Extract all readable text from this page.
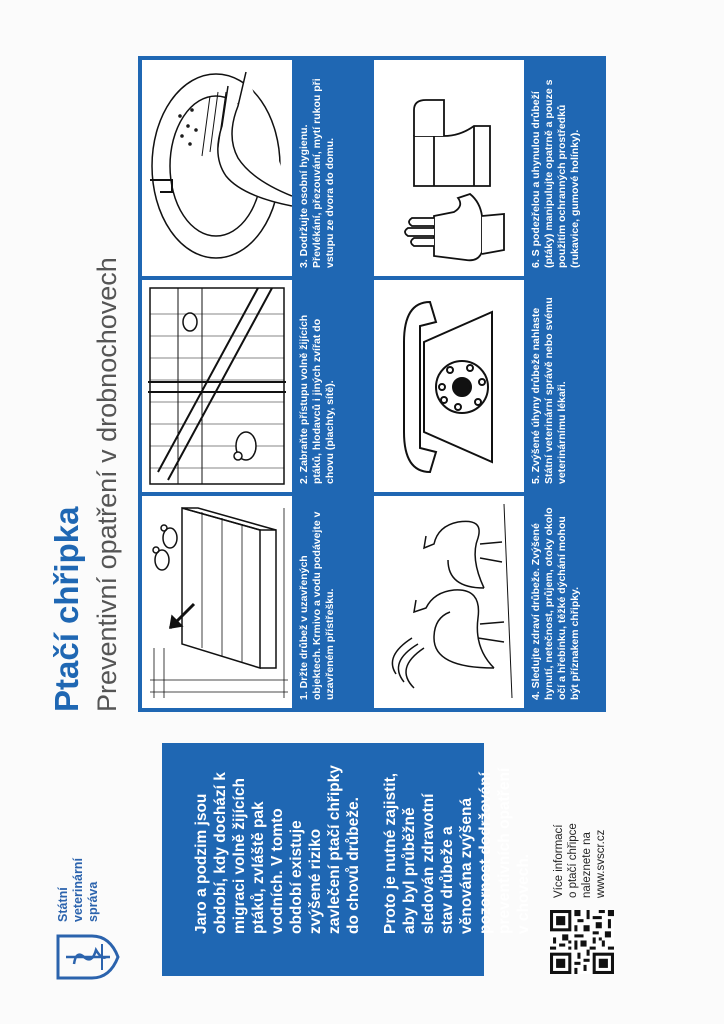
Státní veterinární správa	Jaro a podzim jsou období, kdy dochází k migraci volně žijících ptáků, zvláště pak vodních. V tomto období existuje zvýšené riziko zavlečení ptačí chřipky do chovů drůbeže. Proto je nutné zajistit, aby byl průběžně sledován zdravotní stav drůbeže a věnována zvýšená pozornost dodržování preventivních opatření v chovech. Více informací o ptačí chřipce naleznete na www.svscr.cz
Ptačí chřipka Preventivní opatření v drobnochovech	1. Držte drůbež v uzavřených objektech. Krmivo a vodu podávejte v uzavřeném přístřešku.
2. Zabraňte přístupu volně žijících ptáků, hlodavců i jiných zvířat do chovu (plachty, sítě).
3. Dodržujte osobní hygienu. Převlékání, přezouvání, mytí rukou při vstupu ze dvora do domu.
4. Sledujte zdraví drůbeže. Zvýšené hynutí, netečnost, průjem, otoky okolo očí a hřebínku, těžké dýchání mohou být příznakem chřipky.
5. Zvýšené úhyny drůbeže nahlaste Státní veterinární správě nebo svému veterinárnímu lékaři.
6. S podezřelou a uhynulou drůbeží (ptáky) manipulujte opatrně a pouze s použitím ochranných prostředků (rukavice, gumové holínky).
